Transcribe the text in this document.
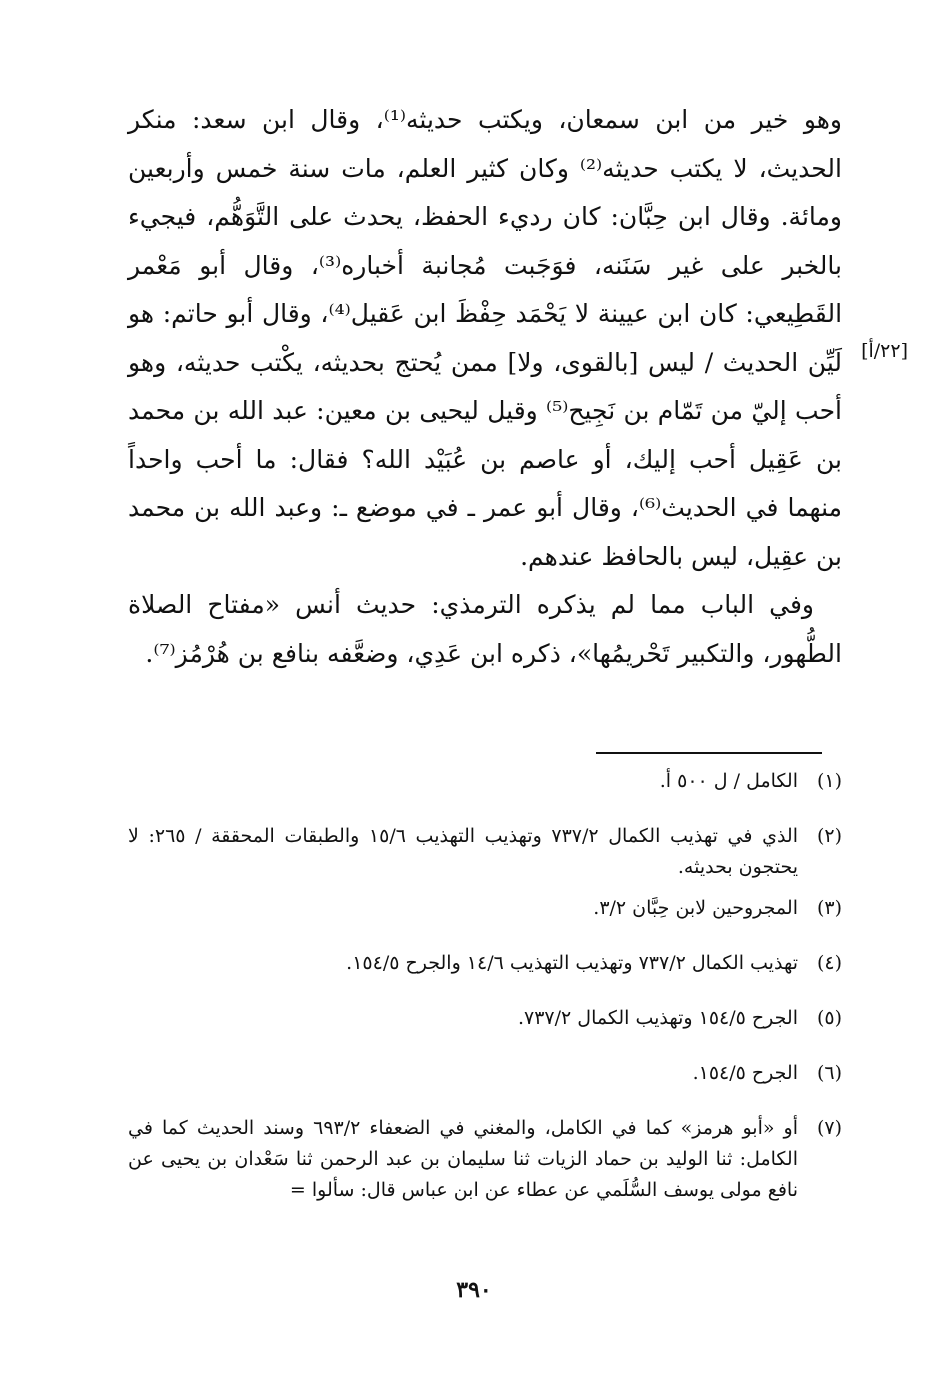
وهو خير من ابن سمعان، ويكتب حديثه⁽¹⁾، وقال ابن سعد: منكر الحديث، لا يكتب حديثه⁽²⁾ وكان كثير العلم، مات سنة خمس وأربعين ومائة. وقال ابن حِبَّان: كان رديء الحفظ، يحدث على التَّوَهُّم، فيجيء بالخبر على غير سَنَنه، فوَجَبت مُجانبة أخباره⁽³⁾، وقال أبو مَعْمر القَطِيعي: كان ابن عيينة لا يَحْمَد حِفْظَ ابن عَقيل⁽⁴⁾، وقال أبو حاتم: هو لَيِّن الحديث / ليس [بالقوى، ولا] ممن يُحتج بحديثه، يكْتب حديثه، وهو أحب إليّ من تَمّام بن نَجِيح⁽⁵⁾ وقيل ليحيى بن معين: عبد الله بن محمد بن عَقِيل أحب إليك، أو عاصم بن عُبَيْد الله؟ فقال: ما أحب واحداً منهما في الحديث⁽⁶⁾، وقال أبو عمر ـ في موضع ـ: وعبد الله بن محمد بن عقِيل، ليس بالحافظ عندهم.

وفي الباب مما لم يذكره الترمذي: حديث أنس «مفتاح الصلاة الطُّهور، والتكبير تَحْريمُها»، ذكره ابن عَدِي، وضعَّفه بنافع بن هُرْمُز⁽⁷⁾.

[٢٢/أ]
(١)
الكامل / ل ٥٠٠ أ.
(٢)
الذي في تهذيب الكمال ٧٣٧/٢ وتهذيب التهذيب ١٥/٦ والطبقات المحققة / ٢٦٥: لا يحتجون بحديثه.
(٣)
المجروحين لابن حِبَّان ٣/٢.
(٤)
تهذيب الكمال ٧٣٧/٢ وتهذيب التهذيب ١٤/٦ والجرح ١٥٤/٥.
(٥)
الجرح ١٥٤/٥ وتهذيب الكمال ٧٣٧/٢.
(٦)
الجرح ١٥٤/٥.
(٧)
أو «أبو هرمز» كما في الكامل، والمغني في الضعفاء ٦٩٣/٢ وسند الحديث كما في الكامل: ثنا الوليد بن حماد الزيات ثنا سليمان بن عبد الرحمن ثنا سَعْدان بن يحيى عن نافع مولى يوسف السُّلَمي عن عطاء عن ابن عباس قال: سألوا =
٣٩٠
